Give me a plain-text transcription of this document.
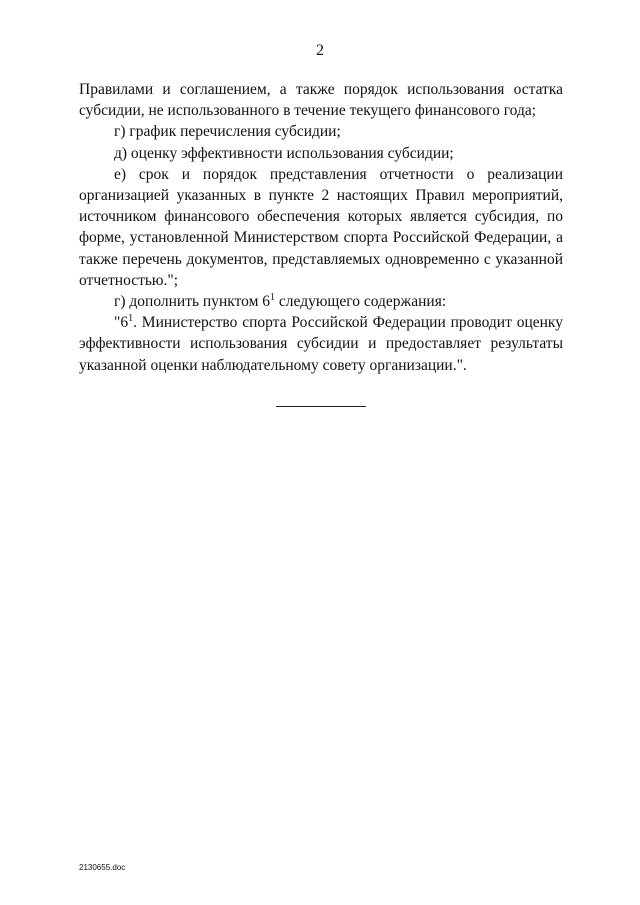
2

Правилами и соглашением, а также порядок использования остатка субсидии, не использованного в течение текущего финансового года;

г) график перечисления субсидии;

д) оценку эффективности использования субсидии;

е) срок и порядок представления отчетности о реализации организацией указанных в пункте 2 настоящих Правил мероприятий, источником финансового обеспечения которых является субсидия, по форме, установленной Министерством спорта Российской Федерации, а также перечень документов, представляемых одновременно с указанной отчетностью.";

г) дополнить пунктом $6^1$ следующего содержания:

"$6^1$. Министерство спорта Российской Федерации проводит оценку эффективности использования субсидии и предоставляет результаты указанной оценки наблюдательному совету организации.".

2130655.doc
